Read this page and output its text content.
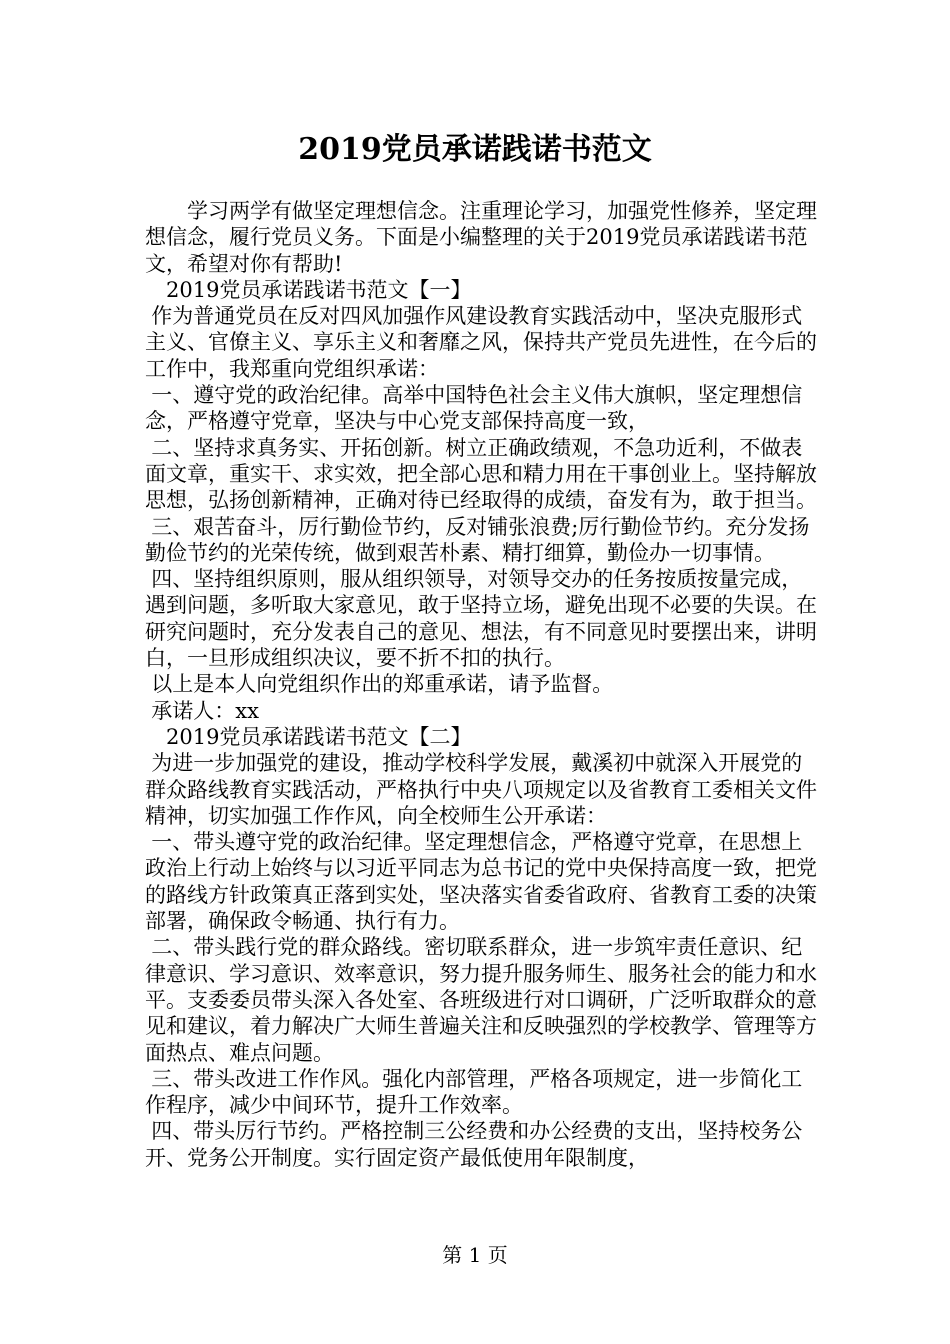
2019党员承诺践诺书范文

学习两学有做坚定理想信念。注重理论学习，加强党性修养，坚定理想信念，履行党员义务。下面是小编整理的关于2019党员承诺践诺书范文，希望对你有帮助!

2019党员承诺践诺书范文【一】

作为普通党员在反对四风加强作风建设教育实践活动中，坚决克服形式主义、官僚主义、享乐主义和奢靡之风，保持共产党员先进性，在今后的工作中，我郑重向党组织承诺：

一、遵守党的政治纪律。高举中国特色社会主义伟大旗帜，坚定理想信念，严格遵守党章，坚决与中心党支部保持高度一致，

二、坚持求真务实、开拓创新。树立正确政绩观，不急功近利，不做表面文章，重实干、求实效，把全部心思和精力用在干事创业上。坚持解放思想，弘扬创新精神，正确对待已经取得的成绩，奋发有为，敢于担当。

三、艰苦奋斗，厉行勤俭节约，反对铺张浪费;厉行勤俭节约。充分发扬勤俭节约的光荣传统，做到艰苦朴素、精打细算，勤俭办一切事情。

四、坚持组织原则，服从组织领导，对领导交办的任务按质按量完成，遇到问题，多听取大家意见，敢于坚持立场，避免出现不必要的失误。在研究问题时，充分发表自己的意见、想法，有不同意见时要摆出来，讲明白，一旦形成组织决议，要不折不扣的执行。

以上是本人向党组织作出的郑重承诺，请予监督。

承诺人：xx

2019党员承诺践诺书范文【二】

为进一步加强党的建设，推动学校科学发展，戴溪初中就深入开展党的群众路线教育实践活动，严格执行中央八项规定以及省教育工委相关文件精神，切实加强工作作风，向全校师生公开承诺：

一、带头遵守党的政治纪律。坚定理想信念，严格遵守党章，在思想上政治上行动上始终与以习近平同志为总书记的党中央保持高度一致，把党的路线方针政策真正落到实处，坚决落实省委省政府、省教育工委的决策部署，确保政令畅通、执行有力。

二、带头践行党的群众路线。密切联系群众，进一步筑牢责任意识、纪律意识、学习意识、效率意识，努力提升服务师生、服务社会的能力和水平。支委委员带头深入各处室、各班级进行对口调研，广泛听取群众的意见和建议，着力解决广大师生普遍关注和反映强烈的学校教学、管理等方面热点、难点问题。

三、带头改进工作作风。强化内部管理，严格各项规定，进一步简化工作程序，减少中间环节，提升工作效率。

四、带头厉行节约。严格控制三公经费和办公经费的支出，坚持校务公开、党务公开制度。实行固定资产最低使用年限制度，

第 1 页
